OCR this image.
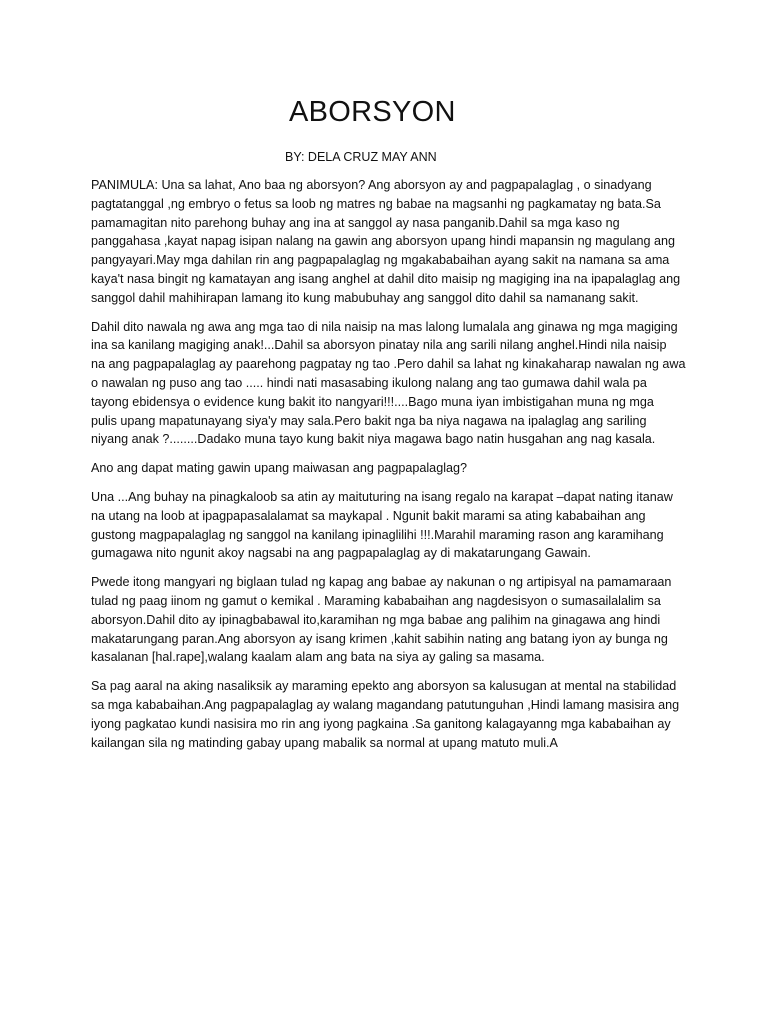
ABORSYON

BY: DELA CRUZ MAY ANN

PANIMULA: Una sa lahat, Ano baa ng aborsyon? Ang aborsyon ay and pagpapalaglag , o sinadyang
pagtatanggal ,ng embryo o fetus sa loob ng matres ng babae na magsanhi ng pagkamatay ng bata.Sa
pamamagitan nito parehong buhay ang ina at sanggol ay nasa panganib.Dahil sa mga kaso ng
panggahasa ,kayat napag isipan nalang na gawin ang aborsyon upang hindi mapansin ng magulang ang
pangyayari.May mga dahilan rin ang pagpapalaglag ng mgakababaihan ayang sakit na namana sa ama
kaya't nasa bingit ng kamatayan ang isang anghel at dahil dito maisip ng magiging ina na ipapalaglag ang
sanggol dahil mahihirapan lamang ito kung mabubuhay ang sanggol dito dahil sa namanang sakit.

Dahil dito nawala ng awa ang mga tao di nila naisip na mas lalong lumalala ang ginawa ng mga magiging
ina sa kanilang magiging anak!...Dahil sa aborsyon pinatay nila ang sarili nilang anghel.Hindi nila naisip
na ang pagpapalaglag ay paarehong pagpatay ng tao .Pero dahil sa lahat ng kinakaharap nawalan ng awa
o nawalan ng puso ang tao ..... hindi nati masasabing ikulong nalang ang tao gumawa dahil wala pa
tayong ebidensya o evidence kung bakit ito nangyari!!!....Bago muna iyan imbistigahan muna ng mga
pulis upang mapatunayang siya'y may sala.Pero bakit nga ba niya nagawa na ipalaglag ang sariling
niyang anak ?........Dadako muna tayo kung bakit niya magawa bago natin husgahan ang nag kasala.

Ano ang dapat mating gawin upang maiwasan ang pagpapalaglag?

Una ...Ang buhay na pinagkaloob sa atin ay maituturing na isang regalo na karapat –dapat nating itanaw
na utang na loob at ipagpapasalalamat sa maykapal . Ngunit bakit marami sa ating kababaihan ang
gustong magpapalaglag ng sanggol na kanilang ipinaglilihi !!!.Marahil maraming rason ang karamihang
gumagawa nito ngunit akoy nagsabi na ang pagpapalaglag ay di makatarungang Gawain.

Pwede itong mangyari ng biglaan tulad ng kapag ang babae ay nakunan o ng artipisyal na pamamaraan
tulad ng paag iinom ng gamut o kemikal . Maraming kababaihan ang nagdesisyon o sumasailalalim sa
aborsyon.Dahil dito ay ipinagbabawal ito,karamihan ng mga babae ang palihim na ginagawa ang hindi
makatarungang paran.Ang aborsyon ay isang krimen ,kahit sabihin nating ang batang iyon ay bunga ng
kasalanan [hal.rape],walang kaalam alam ang bata na siya ay galing sa masama.

Sa pag aaral na aking nasaliksik ay maraming epekto ang aborsyon sa kalusugan at mental na stabilidad
sa mga kababaihan.Ang pagpapalaglag ay walang magandang patutunguhan ,Hindi lamang masisira ang
iyong pagkatao kundi nasisira mo rin ang iyong pagkaina .Sa ganitong kalagayanng mga kababaihan ay
kailangan sila ng matinding gabay upang mabalik sa normal at upang matuto muli.A
